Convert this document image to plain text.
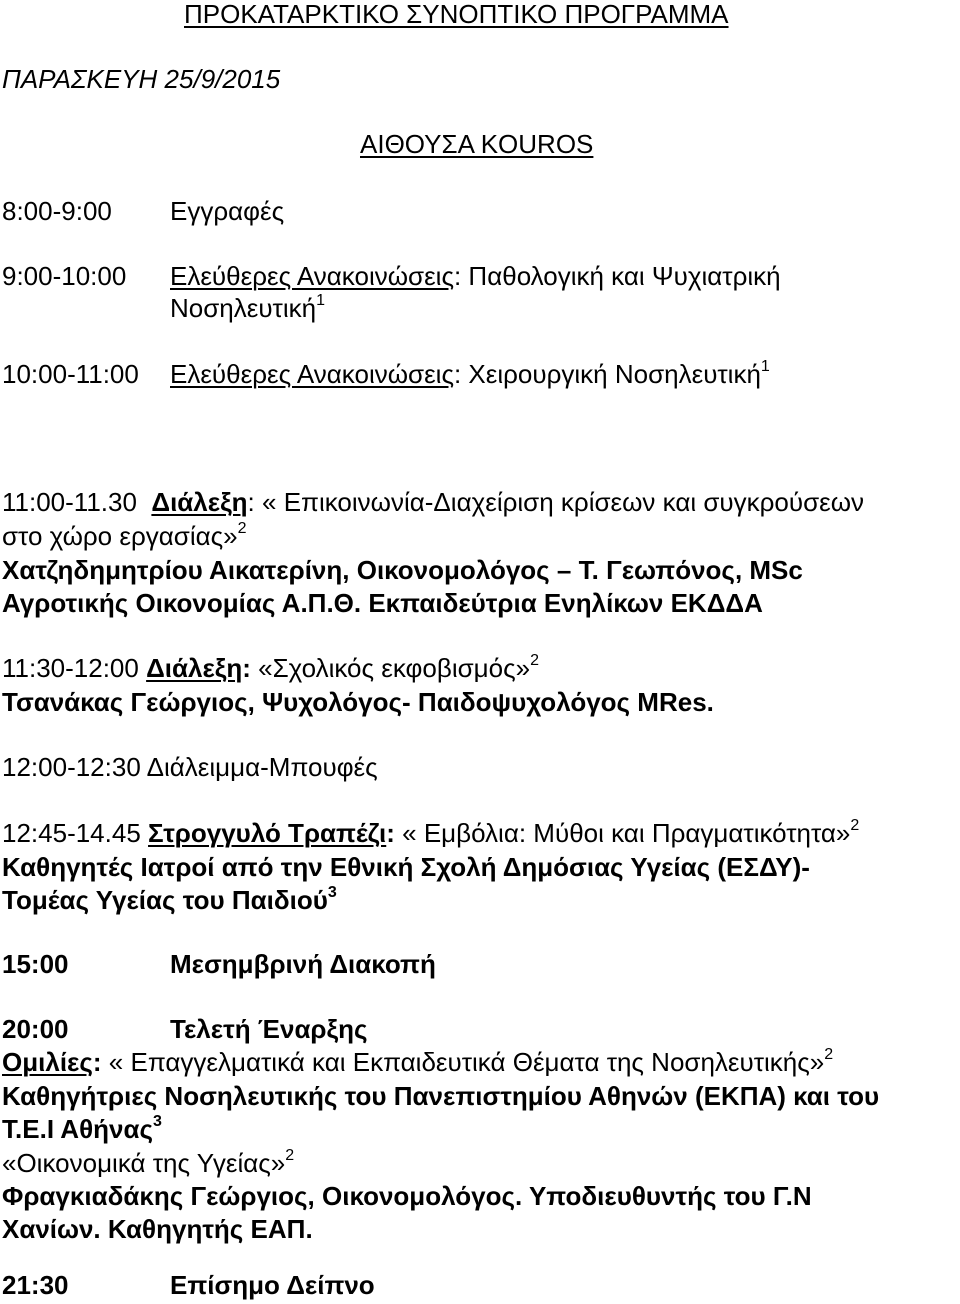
ΠΡΟΚΑΤΑΡΚΤΙΚΟ ΣΥΝΟΠΤΙΚΟ ΠΡΟΓΡΑΜΜΑ
ΠΑΡΑΣΚΕΥΗ 25/9/2015
ΑΙΘΟΥΣΑ KOUROS
8:00-9:00 Εγγραφές
9:00-10:00 Ελεύθερες Ανακοινώσεις: Παθολογική και Ψυχιατρική
Νοσηλευτική$^1$
10:00-11:00 Ελεύθερες Ανακοινώσεις: Χειρουργική Νοσηλευτική$^1$
11:00-11.30 Διάλεξη: « Επικοινωνία-Διαχείριση κρίσεων και συγκρούσεων
στο χώρο εργασίας»$^2$
Χατζηδημητρίου Αικατερίνη, Οικονομολόγος – Τ. Γεωπόνος, MSc
Αγροτικής Οικονομίας Α.Π.Θ. Εκπαιδεύτρια Ενηλίκων ΕΚΔΔΑ
11:30-12:00 Διάλεξη: «Σχολικός εκφοβισμός»$^2$
Τσανάκας Γεώργιος, Ψυχολόγος- Παιδοψυχολόγος MRes.
12:00-12:30 Διάλειμμα-Μπουφές
12:45-14.45 Στρογγυλό Τραπέζι: « Εμβόλια: Μύθοι και Πραγματικότητα»$^2$
Καθηγητές Ιατροί από την Εθνική Σχολή Δημόσιας Υγείας (ΕΣΔΥ)-
Τομέας Υγείας του Παιδιού$^3$
15:00	Μεσημβρινή Διακοπή
20:00	Τελετή Έναρξης
Ομιλίες: « Επαγγελματικά και Εκπαιδευτικά Θέματα της Νοσηλευτικής»$^2$
Καθηγήτριες Νοσηλευτικής του Πανεπιστημίου Αθηνών (ΕΚΠΑ) και του
Τ.Ε.Ι Αθήνας$^3$
«Οικονομικά της Υγείας»$^2$
Φραγκιαδάκης Γεώργιος, Οικονομολόγος. Υποδιευθυντής του Γ.Ν
Χανίων. Καθηγητής ΕΑΠ.
21:30	Επίσημο Δείπνο
